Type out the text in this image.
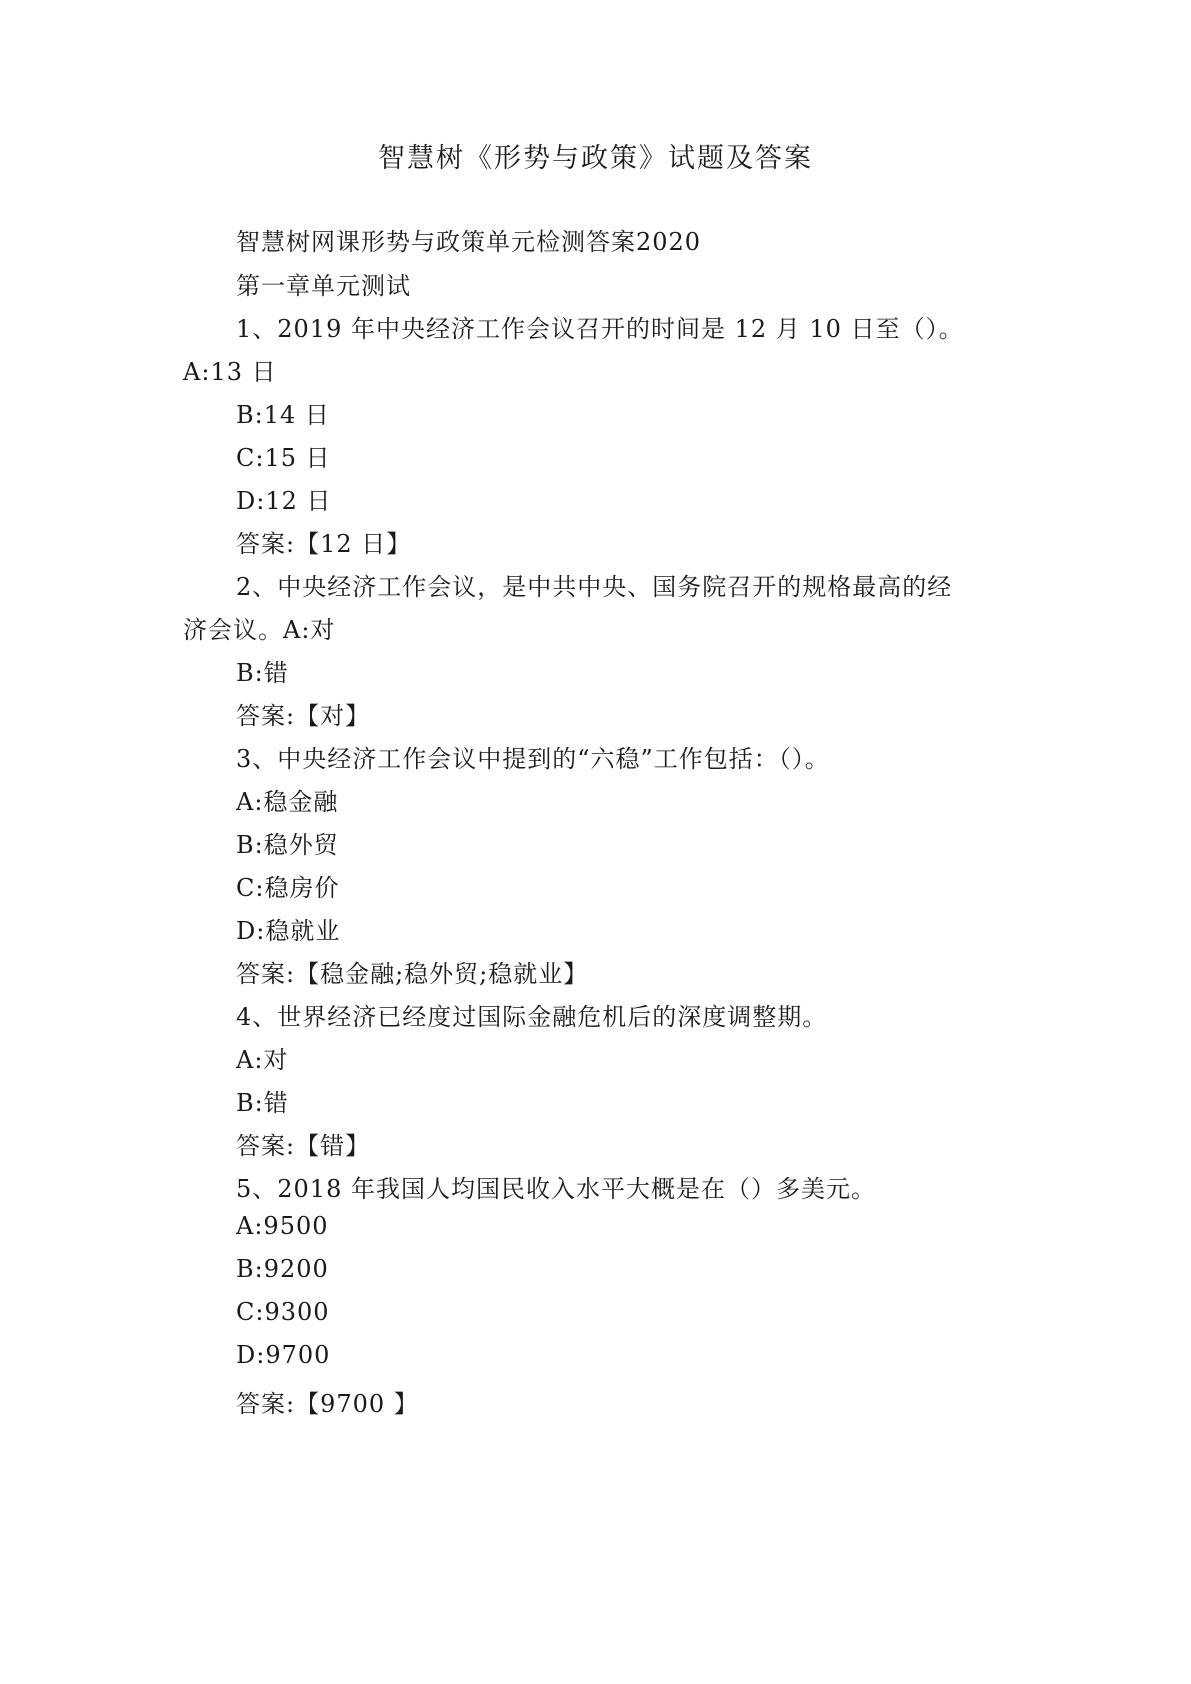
智慧树《形势与政策》试题及答案
智慧树网课形势与政策单元检测答案2020
第一章单元测试
1、2019 年中央经济工作会议召开的时间是 12 月 10 日至（）。
A:13 日
B:14 日
C:15 日
D:12 日
答案:【12 日】
2、中央经济工作会议，是中共中央、国务院召开的规格最高的经
济会议。A:对
B:错
答案:【对】
3、中央经济工作会议中提到的“六稳”工作包括：（）。
A:稳金融
B:稳外贸
C:稳房价
D:稳就业
答案:【稳金融;稳外贸;稳就业】
4、世界经济已经度过国际金融危机后的深度调整期。
A:对
B:错
答案:【错】
5、2018 年我国人均国民收入水平大概是在（）多美元。
A:9500
B:9200
C:9300
D:9700
答案:【9700 】
